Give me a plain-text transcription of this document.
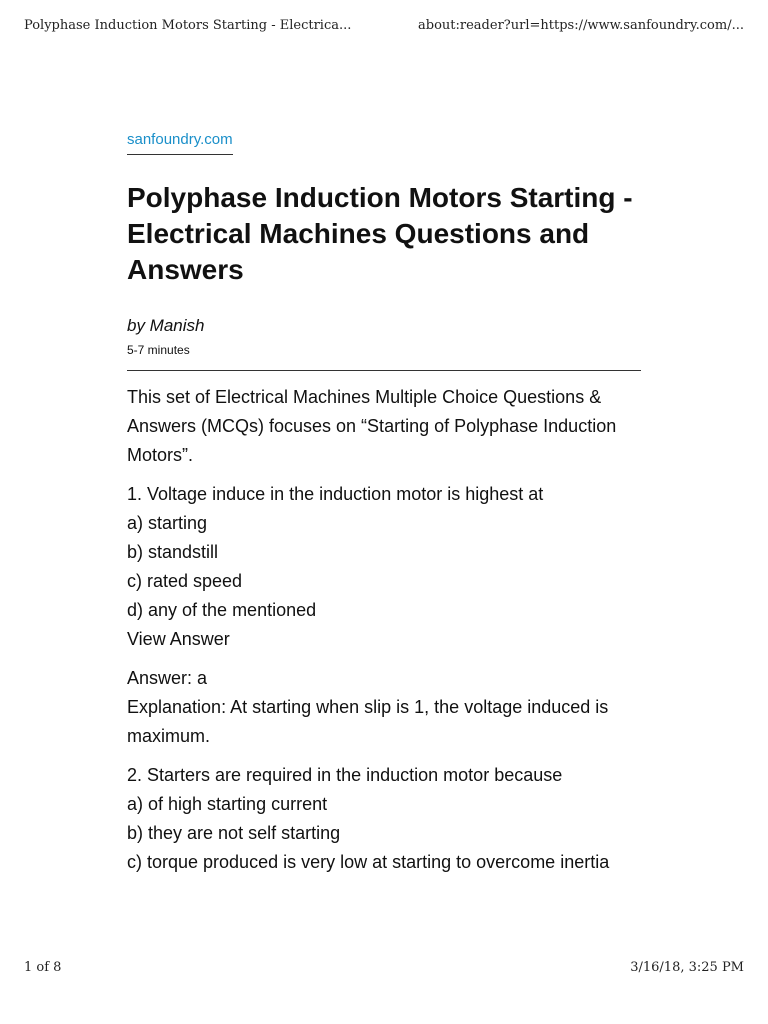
Polyphase Induction Motors Starting - Electrica...	about:reader?url=https://www.sanfoundry.com/...
sanfoundry.com
Polyphase Induction Motors Starting - Electrical Machines Questions and Answers
by Manish
5-7 minutes

This set of Electrical Machines Multiple Choice Questions & Answers (MCQs) focuses on “Starting of Polyphase Induction Motors”.

1. Voltage induce in the induction motor is highest at
a) starting
b) standstill
c) rated speed
d) any of the mentioned
View Answer

Answer: a
Explanation: At starting when slip is 1, the voltage induced is maximum.

2. Starters are required in the induction motor because
a) of high starting current
b) they are not self starting
c) torque produced is very low at starting to overcome inertia

1 of 8	3/16/18, 3:25 PM
